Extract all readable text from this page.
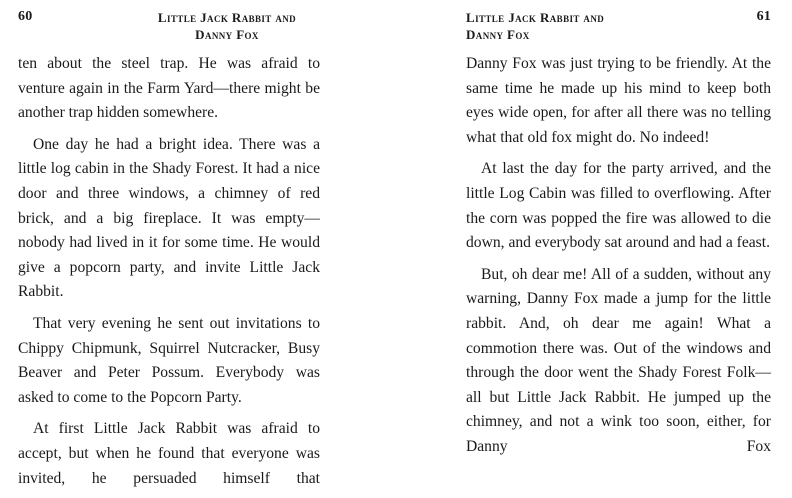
60	Little Jack Rabbit and
Danny Fox

ten about the steel trap. He was afraid to venture again in the Farm Yard—there might be another trap hidden somewhere.

One day he had a bright idea. There was a little log cabin in the Shady Forest. It had a nice door and three windows, a chimney of red brick, and a big fireplace. It was empty—nobody had lived in it for some time. He would give a popcorn party, and invite Little Jack Rabbit.

That very evening he sent out invitations to Chippy Chipmunk, Squirrel Nutcracker, Busy Beaver and Peter Possum. Everybody was asked to come to the Popcorn Party.

At first Little Jack Rabbit was afraid to accept, but when he found that everyone was invited, he persuaded himself that

Little Jack Rabbit and
Danny Fox
61

Danny Fox was just trying to be friendly. At the same time he made up his mind to keep both eyes wide open, for after all there was no telling what that old fox might do. No indeed!

At last the day for the party arrived, and the little Log Cabin was filled to overflowing. After the corn was popped the fire was allowed to die down, and everybody sat around and had a feast.

But, oh dear me! All of a sudden, without any warning, Danny Fox made a jump for the little rabbit. And, oh dear me again! What a commotion there was. Out of the windows and through the door went the Shady Forest Folk—all but Little Jack Rabbit. He jumped up the chimney, and not a wink too soon, either, for Danny Fox
